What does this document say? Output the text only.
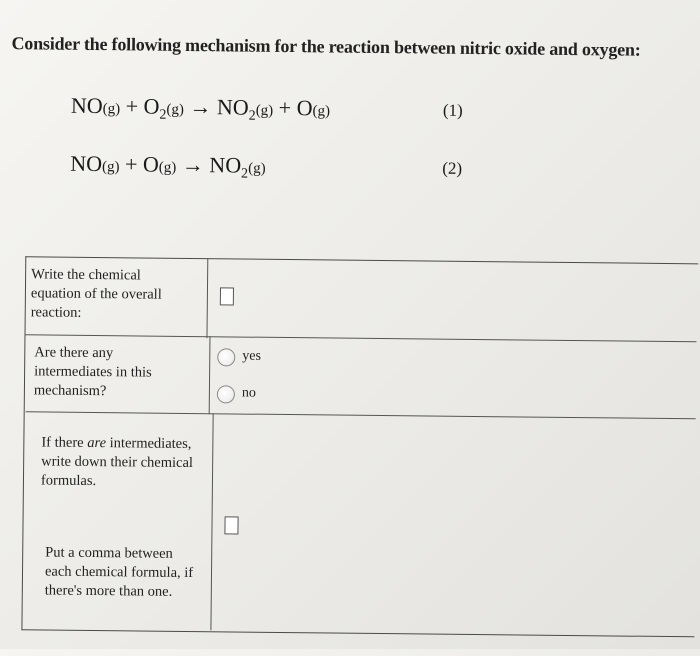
Consider the following mechanism for the reaction between nitric oxide and oxygen:
$NO(g) + O_2(g) \to NO_2(g) + O(g)$	(1)
$NO(g) + O(g) \to NO_2(g)$	(2)
Write the chemical
equation of the overall
reaction:
Are there any
intermediates in this
mechanism?
yes
no
If there are intermediates,
write down their chemical
formulas.
Put a comma between
each chemical formula, if
there's more than one.
